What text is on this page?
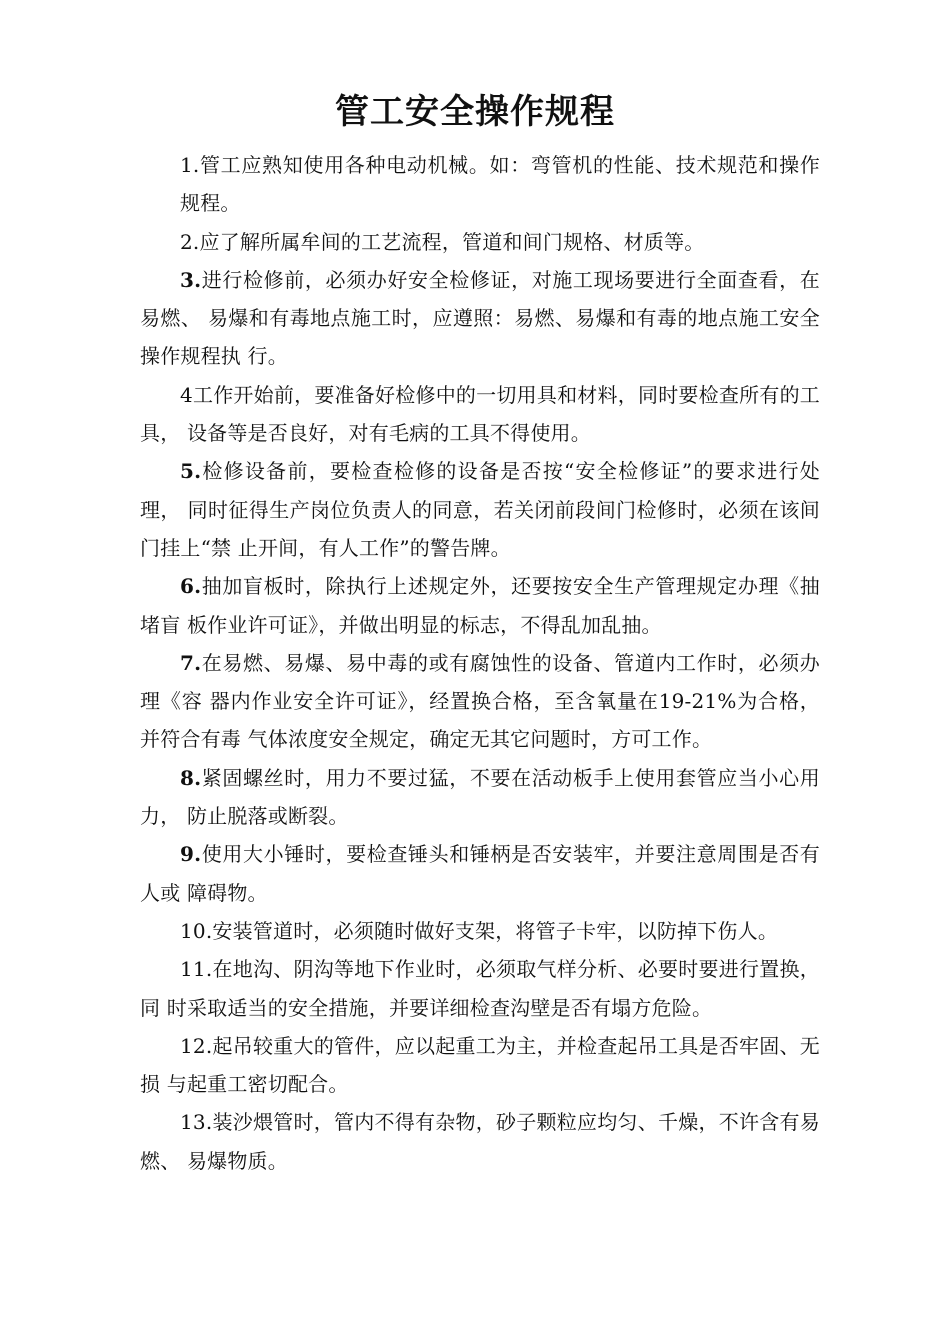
管工安全操作规程

1.管工应熟知使用各种电动机械。如：弯管机的性能、技术规范和操作规程。

2.应了解所属牟间的工艺流程，管道和间门规格、材质等。

3.进行检修前，必须办好安全检修证，对施工现场要进行全面查看，在易燃、 易爆和有毒地点施工时，应遵照：易燃、易爆和有毒的地点施工安全操作规程执 行。

4工作开始前，要准备好检修中的一切用具和材料，同时要检查所有的工具， 设备等是否良好，对有毛病的工具不得使用。

5.检修设备前，要检查检修的设备是否按“安全检修证”的要求进行处理， 同时征得生产岗位负责人的同意，若关闭前段间门检修时，必须在该间门挂上“禁 止开间，有人工作”的警告牌。

6.抽加盲板时，除执行上述规定外，还要按安全生产管理规定办理《抽堵盲 板作业许可证》，并做出明显的标志，不得乱加乱抽。

7.在易燃、易爆、易中毒的或有腐蚀性的设备、管道内工作时，必须办理《容 器内作业安全许可证》，经置换合格，至含氧量在19-21%为合格，并符合有毒 气体浓度安全规定，确定无其它问题时，方可工作。

8.紧固螺丝时，用力不要过猛，不要在活动板手上使用套管应当小心用力， 防止脱落或断裂。

9.使用大小锤时，要检查锤头和锤柄是否安装牢，并要注意周围是否有人或 障碍物。

10.安装管道时，必须随时做好支架，将管子卡牢，以防掉下伤人。

11.在地沟、阴沟等地下作业时，必须取气样分析、必要时要进行置换，同 时采取适当的安全措施，并要详细检查沟壁是否有塌方危险。

12.起吊较重大的管件，应以起重工为主，并检查起吊工具是否牢固、无损 与起重工密切配合。

13.装沙煨管时，管内不得有杂物，砂子颗粒应均匀、千燥，不许含有易燃、 易爆物质。
